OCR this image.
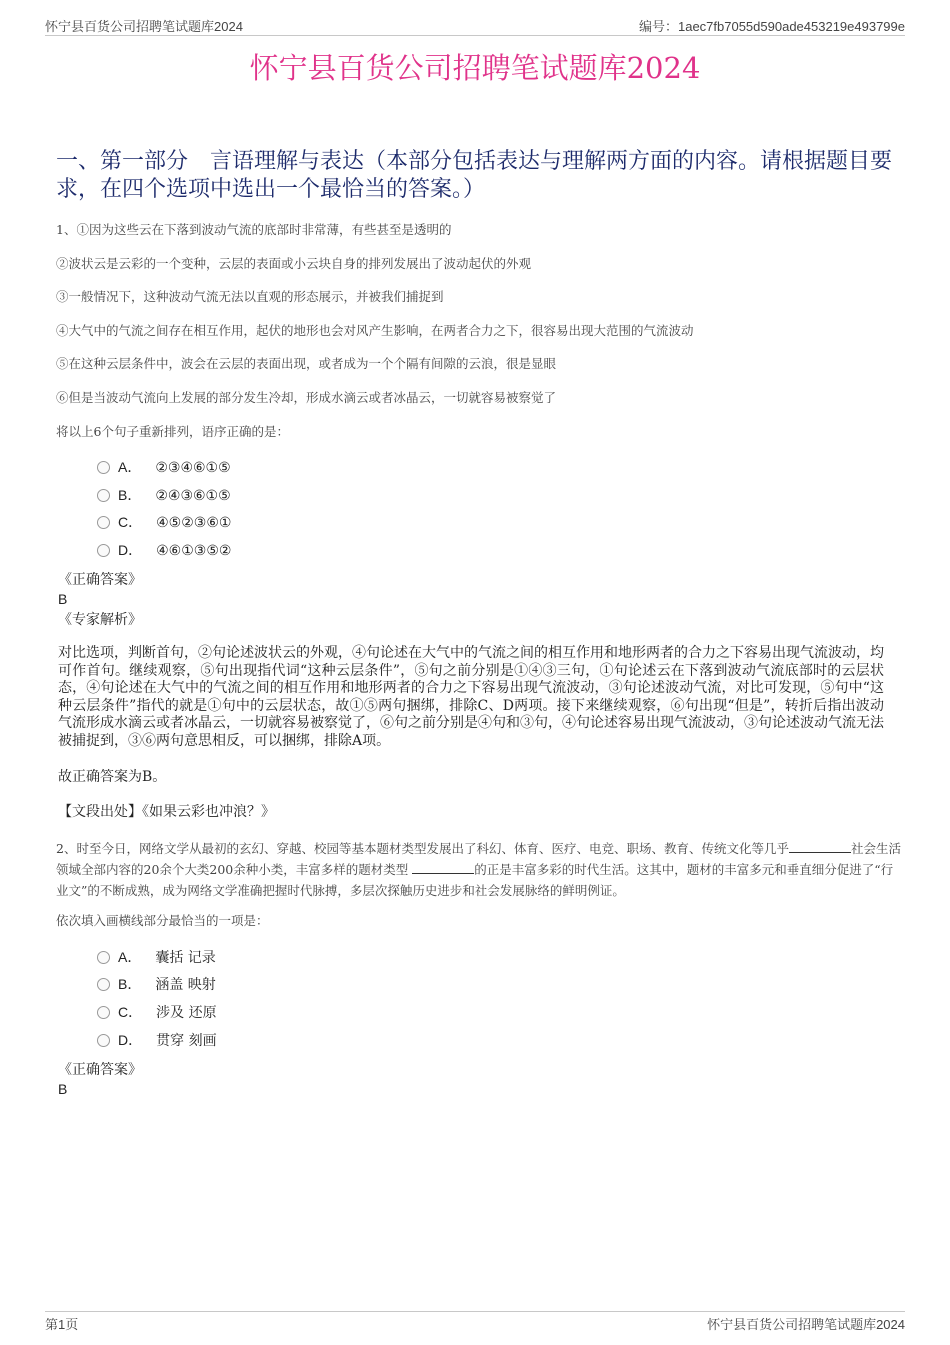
怀宁县百货公司招聘笔试题库2024	编号：1aec7fb7055d590ade453219e493799e
怀宁县百货公司招聘笔试题库2024
一、第一部分　言语理解与表达（本部分包括表达与理解两方面的内容。请根据题目要求，在四个选项中选出一个最恰当的答案。）
1、①因为这些云在下落到波动气流的底部时非常薄，有些甚至是透明的
②波状云是云彩的一个变种，云层的表面或小云块自身的排列发展出了波动起伏的外观
③一般情况下，这种波动气流无法以直观的形态展示，并被我们捕捉到
④大气中的气流之间存在相互作用，起伏的地形也会对风产生影响，在两者合力之下，很容易出现大范围的气流波动
⑤在这种云层条件中，波会在云层的表面出现，或者成为一个个隔有间隙的云浪，很是显眼
⑥但是当波动气流向上发展的部分发生冷却，形成水滴云或者冰晶云，一切就容易被察觉了
将以上6个句子重新排列，语序正确的是：
A． ②③④⑥①⑤
B． ②④③⑥①⑤
C． ④⑤②③⑥①
D． ④⑥①③⑤②
《正确答案》
B
《专家解析》
对比选项，判断首句，②句论述波状云的外观，④句论述在大气中的气流之间的相互作用和地形两者的合力之下容易出现气流波动，均可作首句。继续观察，⑤句出现指代词“这种云层条件”，⑤句之前分别是①④③三句，①句论述云在下落到波动气流底部时的云层状态，④句论述在大气中的气流之间的相互作用和地形两者的合力之下容易出现气流波动，③句论述波动气流，对比可发现，⑤句中“这种云层条件”指代的就是①句中的云层状态，故①⑤两句捆绑，排除C、D两项。接下来继续观察，⑥句出现“但是”，转折后指出波动气流形成水滴云或者冰晶云，一切就容易被察觉了，⑥句之前分别是④句和③句，④句论述容易出现气流波动，③句论述波动气流无法被捕捉到，③⑥两句意思相反，可以捆绑，排除A项。
故正确答案为B。
【文段出处】《如果云彩也冲浪？》
2、时至今日，网络文学从最初的玄幻、穿越、校园等基本题材类型发展出了科幻、体育、医疗、电竞、职场、教育、传统文化等几乎	社会生活领域全部内容的20余个大类200余种小类，丰富多样的题材类型	的正是丰富多彩的时代生活。这其中，题材的丰富多元和垂直细分促进了“行业文”的不断成熟，成为网络文学准确把握时代脉搏，多层次探触历史进步和社会发展脉络的鲜明例证。
依次填入画横线部分最恰当的一项是：
A． 囊括 记录
B． 涵盖 映射
C． 涉及 还原
D． 贯穿 刻画
《正确答案》
B
第1页	怀宁县百货公司招聘笔试题库2024
